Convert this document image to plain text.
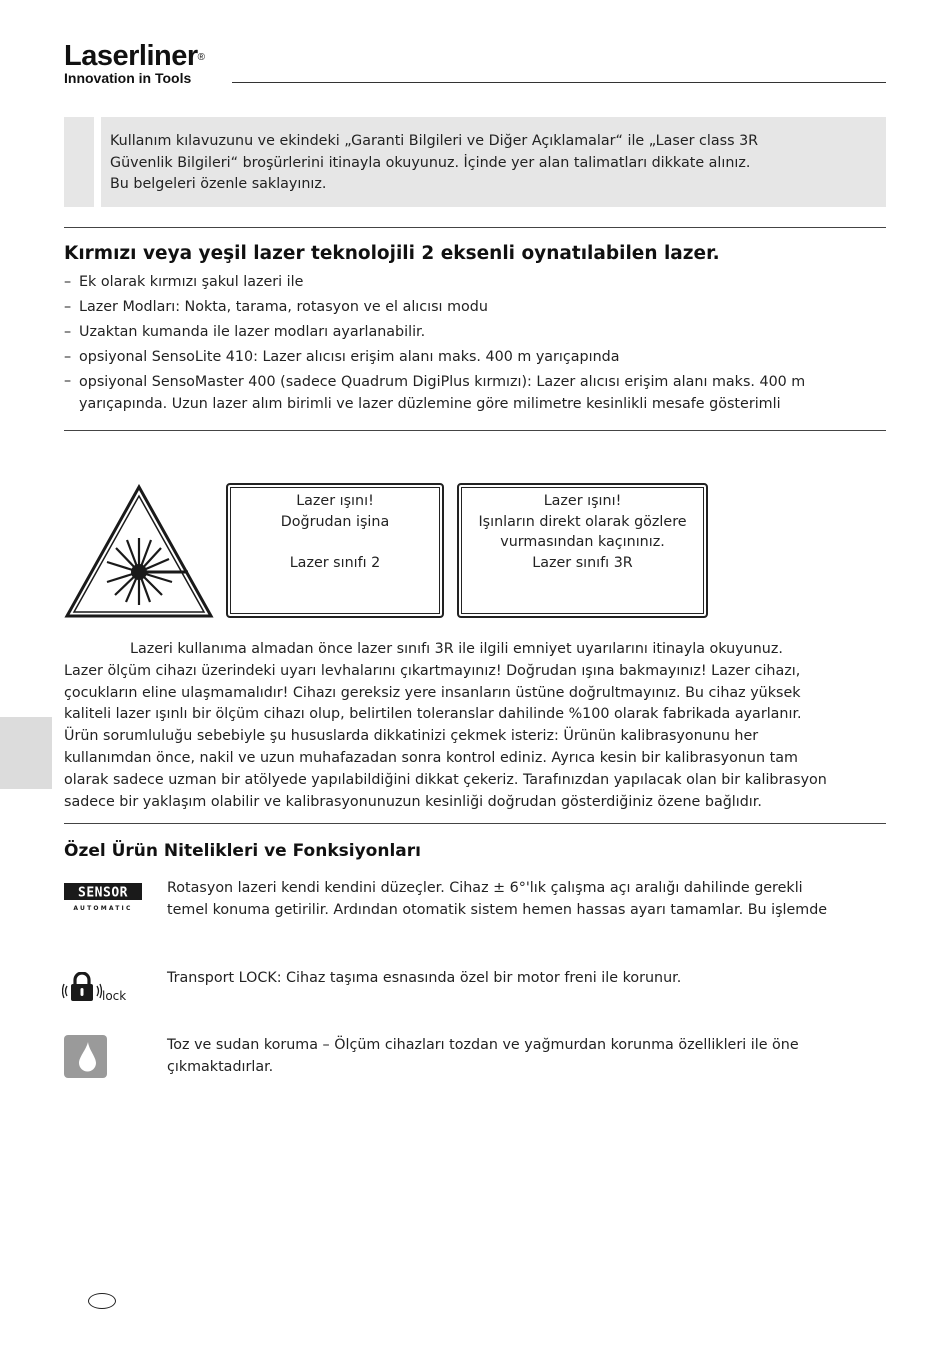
Laserliner®
Innovation in Tools
Kullanım kılavuzunu ve ekindeki „Garanti Bilgileri ve Diğer Açıklamalar“ ile „Laser class 3R
Güvenlik Bilgileri“ broşürlerini itinayla okuyunuz. İçinde yer alan talimatları dikkate alınız.
Bu belgeleri özenle saklayınız.
Kırmızı veya yeşil lazer teknolojili 2 eksenli oynatılabilen lazer.
– Ek olarak kırmızı şakul lazeri ile
– Lazer Modları: Nokta, tarama, rotasyon ve el alıcısı modu
– Uzaktan kumanda ile lazer modları ayarlanabilir.
– opsiyonal SensoLite 410: Lazer alıcısı erişim alanı maks. 400 m yarıçapında
– opsiyonal SensoMaster 400 (sadece Quadrum DigiPlus kırmızı): Lazer alıcısı erişim alanı maks. 400 m yarıçapında. Uzun lazer alım birimli ve lazer düzlemine göre milimetre kesinlikli mesafe gösterimli
Lazer ışını!
Doğrudan işina
Lazer sınıfı 2
Lazer ışını!
Işınların direkt olarak gözlere
vurmasından kaçınınız.
Lazer sınıfı 3R
Lazeri kullanıma almadan önce lazer sınıfı 3R ile ilgili emniyet uyarılarını itinayla okuyunuz.
Lazer ölçüm cihazı üzerindeki uyarı levhalarını çıkartmayınız! Doğrudan ışına bakmayınız! Lazer cihazı,
çocukların eline ulaşmamalıdır! Cihazı gereksiz yere insanların üstüne doğrultmayınız. Bu cihaz yüksek
kaliteli lazer ışınlı bir ölçüm cihazı olup, belirtilen toleranslar dahilinde %100 olarak fabrikada ayarlanır.
Ürün sorumluluğu sebebiyle şu hususlarda dikkatinizi çekmek isteriz: Ürünün kalibrasyonunu her
kullanımdan önce, nakil ve uzun muhafazadan sonra kontrol ediniz. Ayrıca kesin bir kalibrasyonun tam
olarak sadece uzman bir atölyede yapılabildiğini dikkat çekeriz. Tarafınızdan yapılacak olan bir kalibrasyon
sadece bir yaklaşım olabilir ve kalibrasyonunuzun kesinliği doğrudan gösterdiğiniz özene bağlıdır.
Özel Ürün Nitelikleri ve Fonksiyonları
SENSOR
AUTOMATIC
Rotasyon lazeri kendi kendini düzeçler. Cihaz ± 6°'lık çalışma açı aralığı dahilinde gerekli
temel konuma getirilir. Ardından otomatik sistem hemen hassas ayarı tamamlar. Bu işlemde
lock
Transport LOCK: Cihaz taşıma esnasında özel bir motor freni ile korunur.
Toz ve sudan koruma – Ölçüm cihazları tozdan ve yağmurdan korunma özellikleri ile öne
çıkmaktadırlar.
